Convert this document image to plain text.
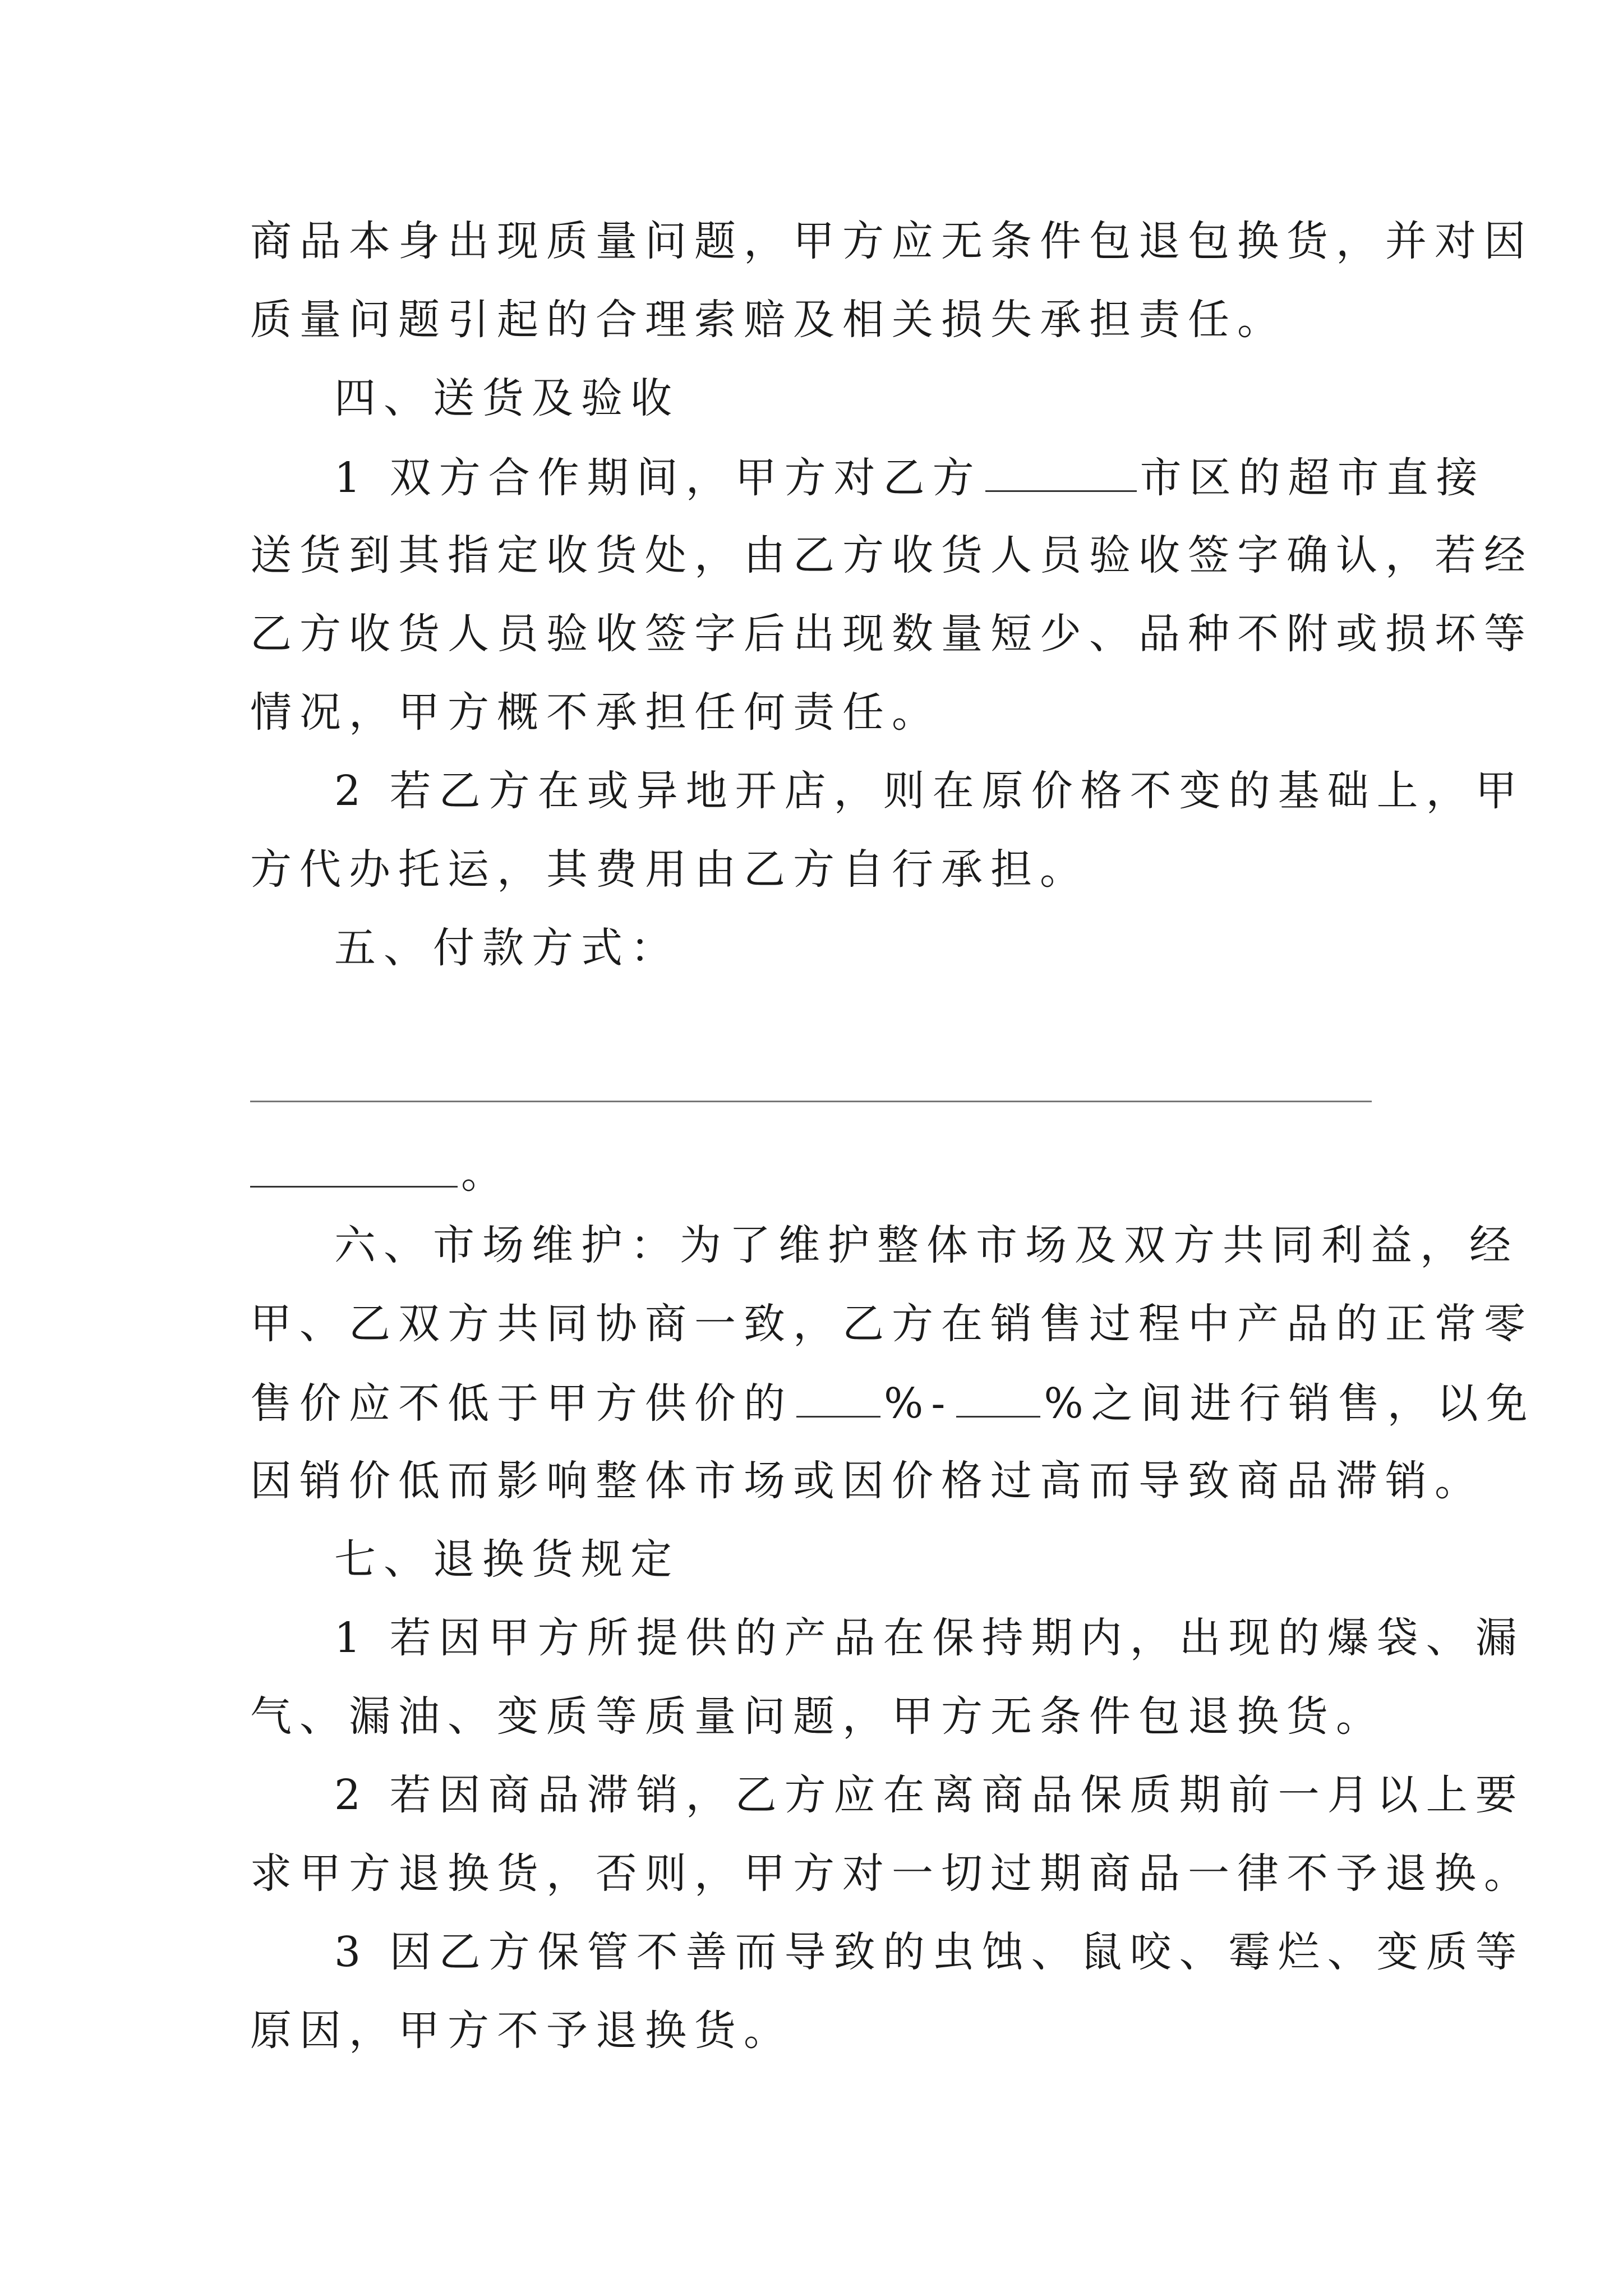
商品本身出现质量问题，甲方应无条件包退包换货，并对因
质量问题引起的合理索赔及相关损失承担责任。
四、送货及验收
1 双方合作期间，甲方对乙方	市区的超市直接
送货到其指定收货处，由乙方收货人员验收签字确认，若经
乙方收货人员验收签字后出现数量短少、品种不附或损坏等
情况，甲方概不承担任何责任。
2 若乙方在或异地开店，则在原价格不变的基础上，甲
方代办托运，其费用由乙方自行承担。
五、付款方式：
。
六、市场维护：为了维护整体市场及双方共同利益，经
甲、乙双方共同协商一致，乙方在销售过程中产品的正常零
售价应不低于甲方供价的 %- %之间进行销售，以免
因销价低而影响整体市场或因价格过高而导致商品滞销。
七、退换货规定
1 若因甲方所提供的产品在保持期内，出现的爆袋、漏
气、漏油、变质等质量问题，甲方无条件包退换货。
2 若因商品滞销，乙方应在离商品保质期前一月以上要
求甲方退换货，否则，甲方对一切过期商品一律不予退换。
3 因乙方保管不善而导致的虫蚀、鼠咬、霉烂、变质等
原因，甲方不予退换货。
